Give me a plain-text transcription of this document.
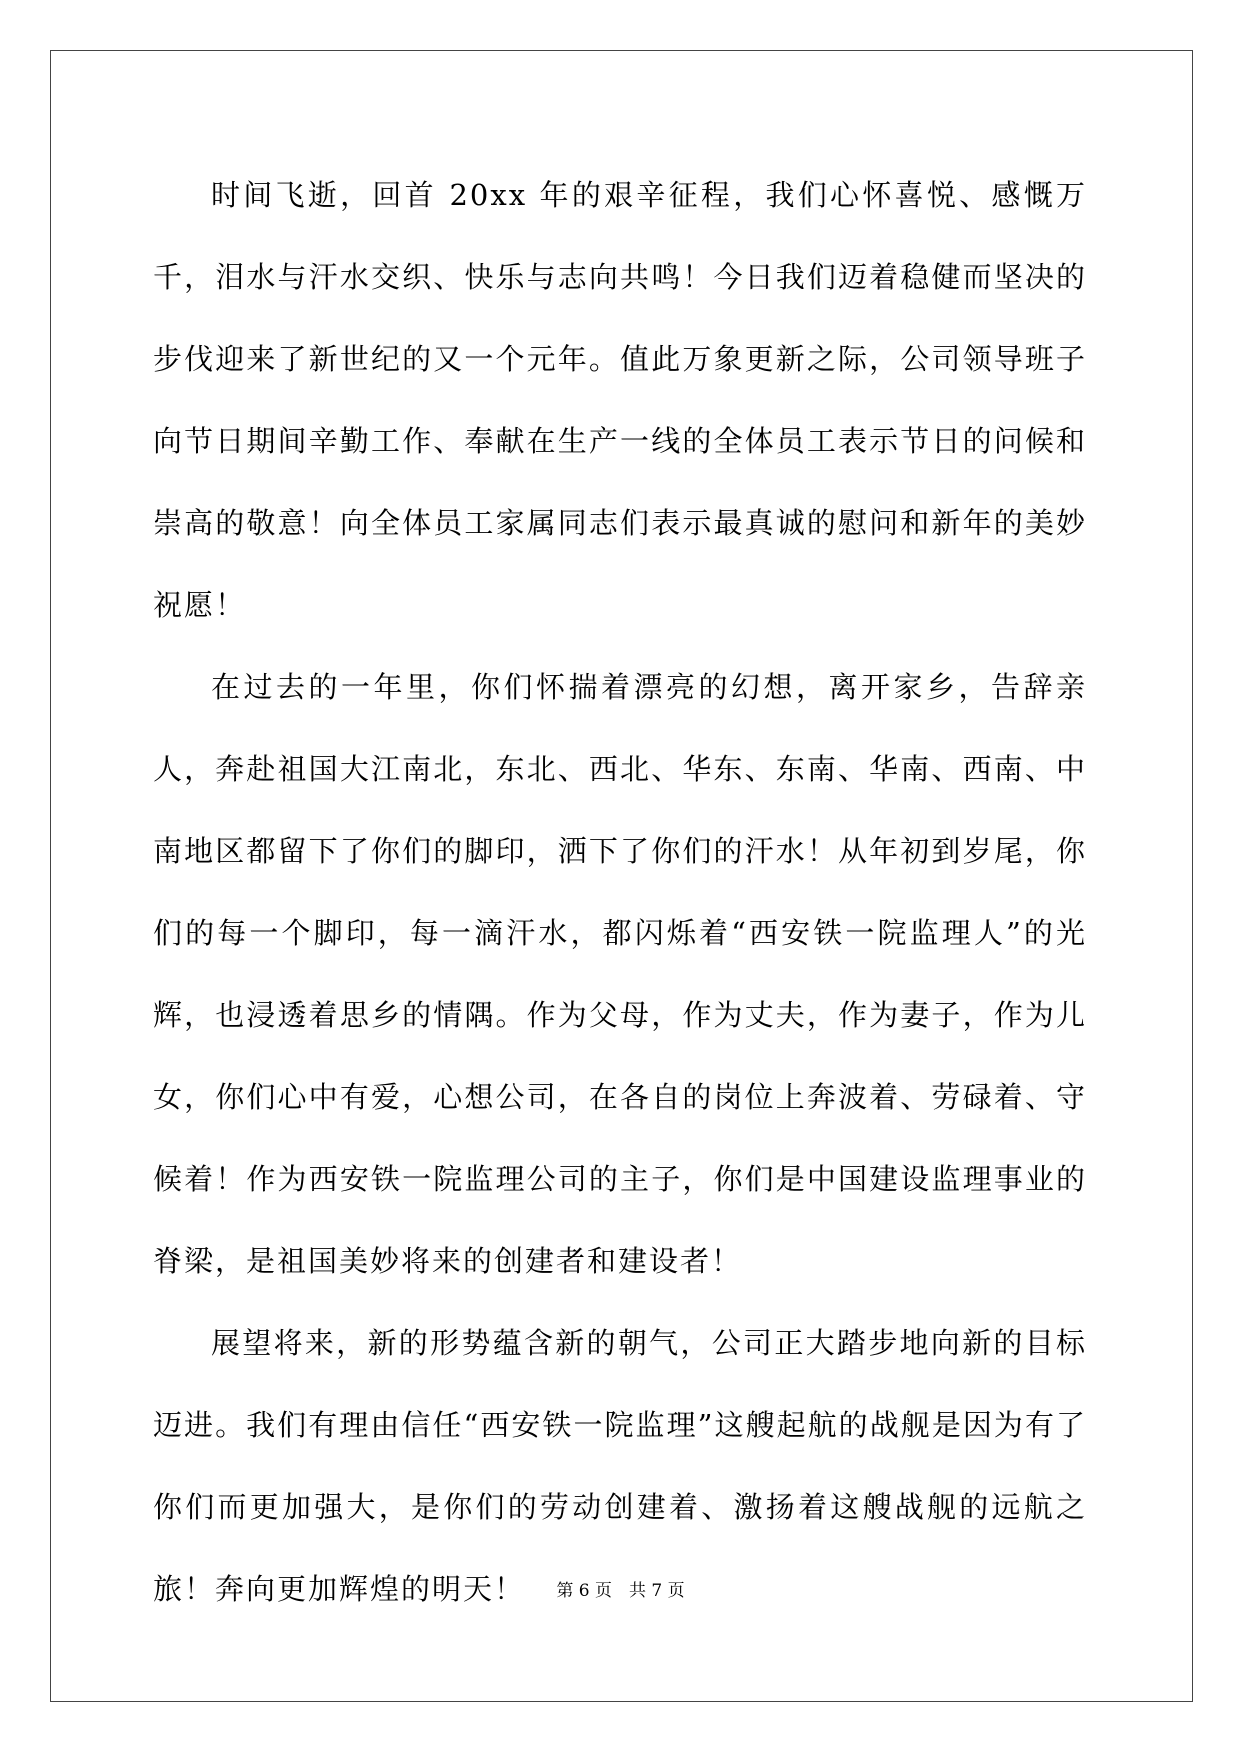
时间飞逝，回首 20xx 年的艰辛征程，我们心怀喜悦、感慨万千，泪水与汗水交织、快乐与志向共鸣！今日我们迈着稳健而坚决的步伐迎来了新世纪的又一个元年。值此万象更新之际，公司领导班子向节日期间辛勤工作、奉献在生产一线的全体员工表示节日的问候和崇高的敬意！向全体员工家属同志们表示最真诚的慰问和新年的美妙祝愿！

在过去的一年里，你们怀揣着漂亮的幻想，离开家乡，告辞亲人，奔赴祖国大江南北，东北、西北、华东、东南、华南、西南、中南地区都留下了你们的脚印，洒下了你们的汗水！从年初到岁尾，你们的每一个脚印，每一滴汗水，都闪烁着“西安铁一院监理人”的光辉，也浸透着思乡的情隅。作为父母，作为丈夫，作为妻子，作为儿女，你们心中有爱，心想公司，在各自的岗位上奔波着、劳碌着、守候着！作为西安铁一院监理公司的主子，你们是中国建设监理事业的脊梁，是祖国美妙将来的创建者和建设者！

展望将来，新的形势蕴含新的朝气，公司正大踏步地向新的目标迈进。我们有理由信任“西安铁一院监理”这艘起航的战舰是因为有了你们而更加强大，是你们的劳动创建着、激扬着这艘战舰的远航之旅！奔向更加辉煌的明天！	第 6 页　共 7 页
